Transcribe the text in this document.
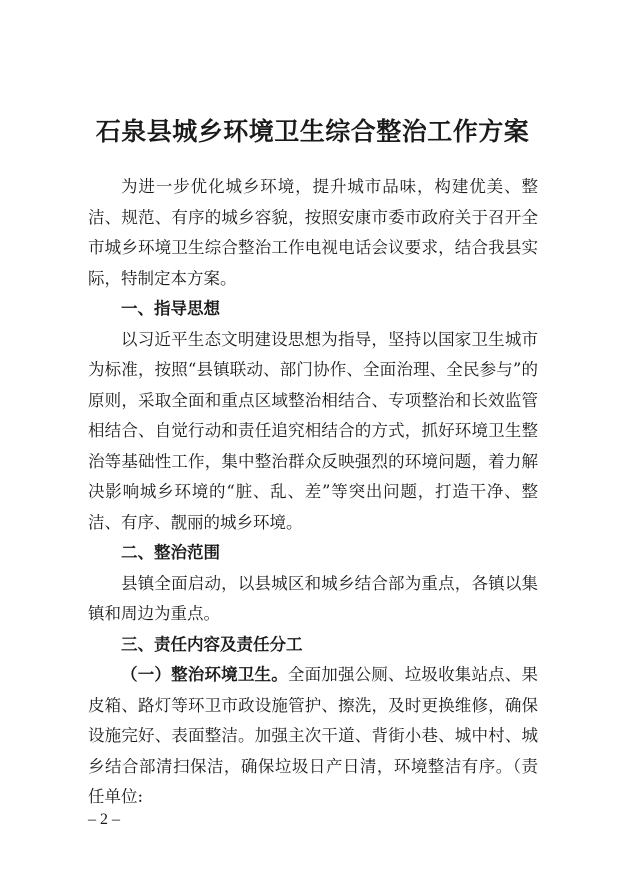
石泉县城乡环境卫生综合整治工作方案

为进一步优化城乡环境，提升城市品味，构建优美、整洁、规范、有序的城乡容貌，按照安康市委市政府关于召开全市城乡环境卫生综合整治工作电视电话会议要求，结合我县实际，特制定本方案。

一、指导思想

以习近平生态文明建设思想为指导，坚持以国家卫生城市为标准，按照“县镇联动、部门协作、全面治理、全民参与”的原则，采取全面和重点区域整治相结合、专项整治和长效监管相结合、自觉行动和责任追究相结合的方式，抓好环境卫生整治等基础性工作，集中整治群众反映强烈的环境问题，着力解决影响城乡环境的“脏、乱、差”等突出问题，打造干净、整洁、有序、靓丽的城乡环境。

二、整治范围

县镇全面启动，以县城区和城乡结合部为重点，各镇以集镇和周边为重点。

三、责任内容及责任分工

（一）整治环境卫生。全面加强公厕、垃圾收集站点、果皮箱、路灯等环卫市政设施管护、擦洗，及时更换维修，确保设施完好、表面整洁。加强主次干道、背街小巷、城中村、城乡结合部清扫保洁，确保垃圾日产日清，环境整洁有序。（责任单位:

– 2 –
